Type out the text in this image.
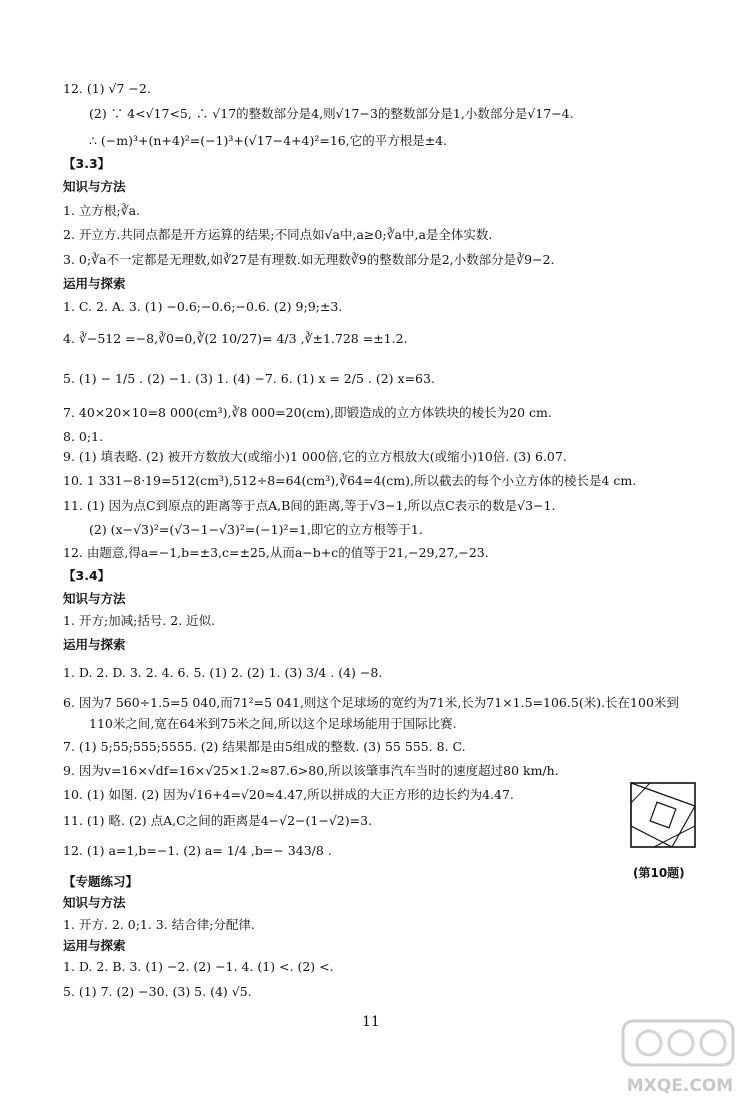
12. (1) √7 −2.
(2) ∵ 4<√17<5, ∴ √17的整数部分是4,则√17−3的整数部分是1,小数部分是√17−4.
∴ (−m)³+(n+4)²=(−1)³+(√17−4+4)²=16,它的平方根是±4.
【3.3】
知识与方法
1. 立方根;∛a.
2. 开立方.共同点都是开方运算的结果;不同点如√a中,a≥0;∛a中,a是全体实数.
3. 0;∛a不一定都是无理数,如∛27是有理数.如无理数∛9的整数部分是2,小数部分是∛9−2.
运用与探索
1. C. 2. A. 3. (1) −0.6;−0.6;−0.6. (2) 9;9;±3.
4. ∛−512 =−8,∛0=0,∛(2 10/27)= 4/3 ,∛±1.728 =±1.2.
5. (1) − 1/5 . (2) −1. (3) 1. (4) −7. 6. (1) x = 2/5 . (2) x=63.
7. 40×20×10=8 000(cm³),∛8 000=20(cm),即锻造成的立方体铁块的棱长为20 cm.
8. 0;1.
9. (1) 填表略. (2) 被开方数放大(或缩小)1 000倍,它的立方根放大(或缩小)10倍. (3) 6.07.
10. 1 331−8·19=512(cm³),512÷8=64(cm³),∛64=4(cm),所以截去的每个小立方体的棱长是4 cm.
11. (1) 因为点C到原点的距离等于点A,B间的距离,等于√3−1,所以点C表示的数是√3−1.
(2) (x−√3)²=(√3−1−√3)²=(−1)²=1,即它的立方根等于1.
12. 由题意,得a=−1,b=±3,c=±25,从而a−b+c的值等于21,−29,27,−23.
【3.4】
知识与方法
1. 开方;加减;括号. 2. 近似.
运用与探索
1. D. 2. D. 3. 2. 4. 6. 5. (1) 2. (2) 1. (3) 3/4 . (4) −8.
6. 因为7 560÷1.5=5 040,而71²=5 041,则这个足球场的宽约为71米,长为71×1.5=106.5(米).长在100米到
110米之间,宽在64米到75米之间,所以这个足球场能用于国际比赛.
7. (1) 5;55;555;5555. (2) 结果都是由5组成的整数. (3) 55 555. 8. C.
9. 因为v=16×√df=16×√25×1.2≈87.6>80,所以该肇事汽车当时的速度超过80 km/h.
10. (1) 如图. (2) 因为√16+4=√20≈4.47,所以拼成的大正方形的边长约为4.47.
11. (1) 略. (2) 点A,C之间的距离是4−√2−(1−√2)=3.
12. (1) a=1,b=−1. (2) a= 1/4 ,b=− 343/8 .
【专题练习】
知识与方法
1. 开方. 2. 0;1. 3. 结合律;分配律.
运用与探索
1. D. 2. B. 3. (1) −2. (2) −1. 4. (1) <. (2) <.
5. (1) 7. (2) −30. (3) 5. (4) √5.
(第10题)
11
MXQE.COM
